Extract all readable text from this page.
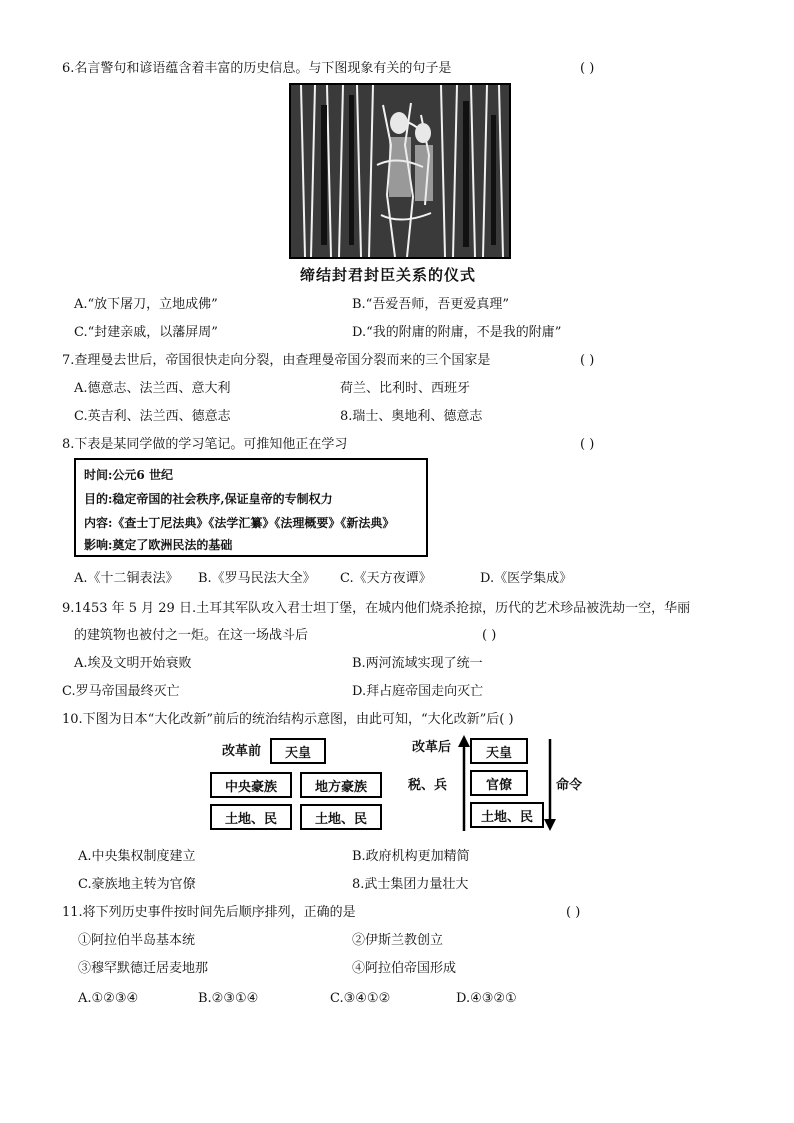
6.名言警句和谚语蕴含着丰富的历史信息。与下图现象有关的句子是	( )
缔结封君封臣关系的仪式
A.“放下屠刀，立地成佛”	B.“吾爱吾师，吾更爱真理”
C.“封建亲戚，以藩屏周”	D.“我的附庸的附庸，不是我的附庸”
7.查理曼去世后，帝国很快走向分裂，由查理曼帝国分裂而来的三个国家是	( )
A.德意志、法兰西、意大利	荷兰、比利时、西班牙
C.英吉利、法兰西、德意志	8.瑞士、奥地利、德意志
8.下表是某同学做的学习笔记。可推知他正在学习	( )
时间:公元6 世纪
目的:稳定帝国的社会秩序,保证皇帝的专制权力
内容:《查士丁尼法典》《法学汇纂》《法理概要》《新法典》
影响:奠定了欧洲民法的基础
A.《十二铜表法》 B.《罗马民法大全》 C.《天方夜谭》	D.《医学集成》
9.1453 年 5 月 29 日.土耳其军队攻入君士坦丁堡，在城内他们烧杀抢掠，历代的艺术珍品被洗劫一空，华丽
的建筑物也被付之一炬。在这一场战斗后	( )
A.埃及文明开始衰败	B.两河流域实现了统一
C.罗马帝国最终灭亡	D.拜占庭帝国走向灭亡
10.下图为日本“大化改新”前后的统治结构示意图，由此可知，“大化改新”后( )
改革前	天皇
中央豪族	地方豪族
土地、民	土地、民
改革后	天皇
官僚
土地、民
税、兵	命令
A.中央集权制度建立	B.政府机构更加精简
C.豪族地主转为官僚	8.武士集团力量壮大
11.将下列历史事件按时间先后顺序排列，正确的是	( )
①阿拉伯半岛基本统	②伊斯兰教创立
③穆罕默德迁居麦地那	④阿拉伯帝国形成
A.①②③④	B.②③①④	C.③④①②	D.④③②①
